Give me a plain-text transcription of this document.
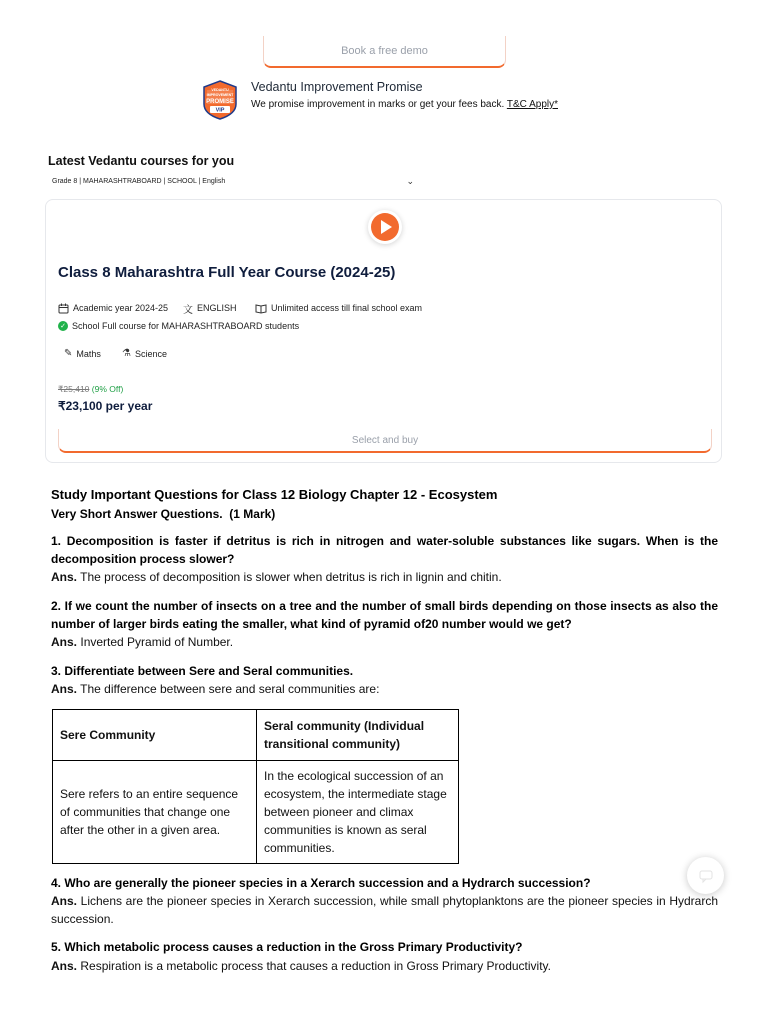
Book a free demo
VEDANTU
IMPROVEMENT
PROMISE
VIP
Vedantu Improvement Promise
We promise improvement in marks or get your fees back. T&C Apply*
Latest Vedantu courses for you
Grade 8 | MAHARASHTRABOARD | SCHOOL | English	⌄
Class 8 Maharashtra Full Year Course (2024-25)
Academic year 2024-25 文 ENGLISH	Unlimited access till final school exam
✓ School Full course for MAHARASHTRABOARD students
✎ Maths ⚗ Science
₹25,410 (9% Off)
₹23,100 per year
Select and buy
Study Important Questions for Class 12 Biology Chapter 12 - Ecosystem
Very Short Answer Questions.  (1 Mark)
1. Decomposition is faster if detritus is rich in nitrogen and water-soluble substances like sugars. When is the decomposition process slower?
Ans. The process of decomposition is slower when detritus is rich in lignin and chitin.
2. If we count the number of insects on a tree and the number of small birds depending on those insects as also the number of larger birds eating the smaller, what kind of pyramid of20 number would we get?
Ans. Inverted Pyramid of Number.
3. Differentiate between Sere and Seral communities.
Ans. The difference between sere and seral communities are:
Sere Community	Seral community (Individual transitional community)
Sere refers to an entire sequence of communities that change one after the other in a given area.	In the ecological succession of an ecosystem, the intermediate stage between pioneer and climax communities is known as seral communities.
4. Who are generally the pioneer species in a Xerarch succession and a Hydrarch succession?
Ans. Lichens are the pioneer species in Xerarch succession, while small phytoplanktons are the pioneer species in Hydrarch succession.
5. Which metabolic process causes a reduction in the Gross Primary Productivity?
Ans. Respiration is a metabolic process that causes a reduction in Gross Primary Productivity.
